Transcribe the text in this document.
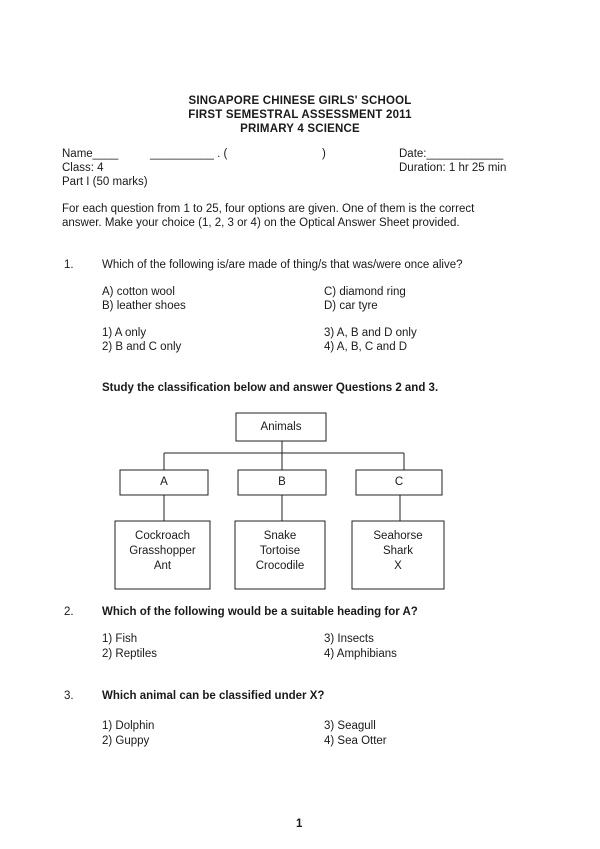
SINGAPORE CHINESE GIRLS' SCHOOL
FIRST SEMESTRAL ASSESSMENT 2011
PRIMARY 4 SCIENCE
Name____	__________ . (	)	Date:____________
Class: 4	Duration: 1 hr 25 min
Part I (50 marks)
For each question from 1 to 25, four options are given. One of them is the correct
answer. Make your choice (1, 2, 3 or 4) on the Optical Answer Sheet provided.
1. Which of the following is/are made of thing/s that was/were once alive?
A) cotton wool
B) leather shoes
C) diamond ring
D) car tyre
1) A only
2) B and C only
3) A, B and D only
4) A, B, C and D
Study the classification below and answer Questions 2 and 3.
Animals
A	B	C
Cockroach
Grasshopper
Ant
Snake
Tortoise
Crocodile
Seahorse
Shark
X
2. Which of the following would be a suitable heading for A?
1) Fish
2) Reptiles
3) Insects
4) Amphibians
3. Which animal can be classified under X?
1) Dolphin
2) Guppy
3) Seagull
4) Sea Otter
1
